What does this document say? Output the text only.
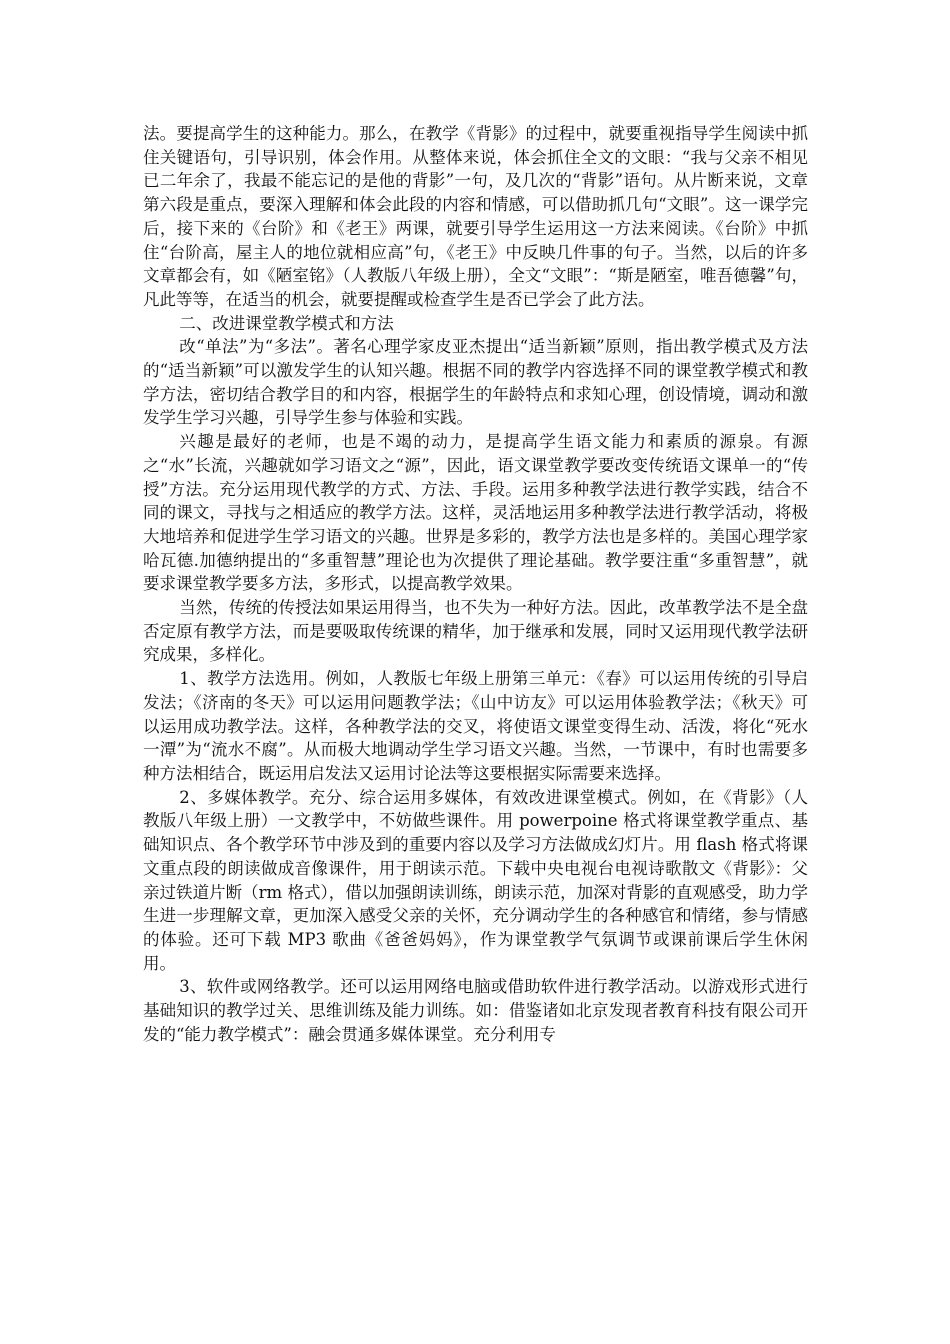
法。要提高学生的这种能力。那么，在教学《背影》的过程中，就要重视指导学生阅读中抓住关键语句，引导识别，体会作用。从整体来说，体会抓住全文的文眼：“我与父亲不相见已二年余了，我最不能忘记的是他的背影”一句，及几次的“背影”语句。从片断来说，文章第六段是重点，要深入理解和体会此段的内容和情感，可以借助抓几句“文眼”。这一课学完后，接下来的《台阶》和《老王》两课，就要引导学生运用这一方法来阅读。《台阶》中抓住“台阶高，屋主人的地位就相应高”句，《老王》中反映几件事的句子。当然，以后的许多文章都会有，如《陋室铭》（人教版八年级上册），全文“文眼”：“斯是陋室，唯吾德馨”句，凡此等等，在适当的机会，就要提醒或检查学生是否已学会了此方法。

二、改进课堂教学模式和方法

改“单法”为“多法”。著名心理学家皮亚杰提出“适当新颖”原则，指出教学模式及方法的“适当新颖”可以激发学生的认知兴趣。根据不同的教学内容选择不同的课堂教学模式和教学方法，密切结合教学目的和内容，根据学生的年龄特点和求知心理，创设情境，调动和激发学生学习兴趣，引导学生参与体验和实践。

兴趣是最好的老师，也是不竭的动力，是提高学生语文能力和素质的源泉。有源之“水”长流，兴趣就如学习语文之“源”，因此，语文课堂教学要改变传统语文课单一的“传授”方法。充分运用现代教学的方式、方法、手段。运用多种教学法进行教学实践，结合不同的课文，寻找与之相适应的教学方法。这样，灵活地运用多种教学法进行教学活动，将极大地培养和促进学生学习语文的兴趣。世界是多彩的，教学方法也是多样的。美国心理学家哈瓦德.加德纳提出的“多重智慧”理论也为次提供了理论基础。教学要注重“多重智慧”，就要求课堂教学要多方法，多形式，以提高教学效果。

当然，传统的传授法如果运用得当，也不失为一种好方法。因此，改革教学法不是全盘否定原有教学方法，而是要吸取传统课的精华，加于继承和发展，同时又运用现代教学法研究成果，多样化。

1、教学方法选用。例如，人教版七年级上册第三单元：《春》可以运用传统的引导启发法；《济南的冬天》可以运用问题教学法；《山中访友》可以运用体验教学法；《秋天》可以运用成功教学法。这样，各种教学法的交叉，将使语文课堂变得生动、活泼，将化“死水一潭”为“流水不腐”。从而极大地调动学生学习语文兴趣。当然，一节课中，有时也需要多种方法相结合，既运用启发法又运用讨论法等这要根据实际需要来选择。

2、多媒体教学。充分、综合运用多媒体，有效改进课堂模式。例如，在《背影》（人教版八年级上册）一文教学中，不妨做些课件。用 powerpoine 格式将课堂教学重点、基础知识点、各个教学环节中涉及到的重要内容以及学习方法做成幻灯片。用 flash 格式将课文重点段的朗读做成音像课件，用于朗读示范。下载中央电视台电视诗歌散文《背影》：父亲过铁道片断（rm 格式），借以加强朗读训练，朗读示范，加深对背影的直观感受，助力学生进一步理解文章，更加深入感受父亲的关怀，充分调动学生的各种感官和情绪，参与情感的体验。还可下载 MP3 歌曲《爸爸妈妈》，作为课堂教学气氛调节或课前课后学生休闲用。

3、软件或网络教学。还可以运用网络电脑或借助软件进行教学活动。以游戏形式进行基础知识的教学过关、思维训练及能力训练。如：借鉴诸如北京发现者教育科技有限公司开发的“能力教学模式”：融会贯通多媒体课堂。充分利用专
